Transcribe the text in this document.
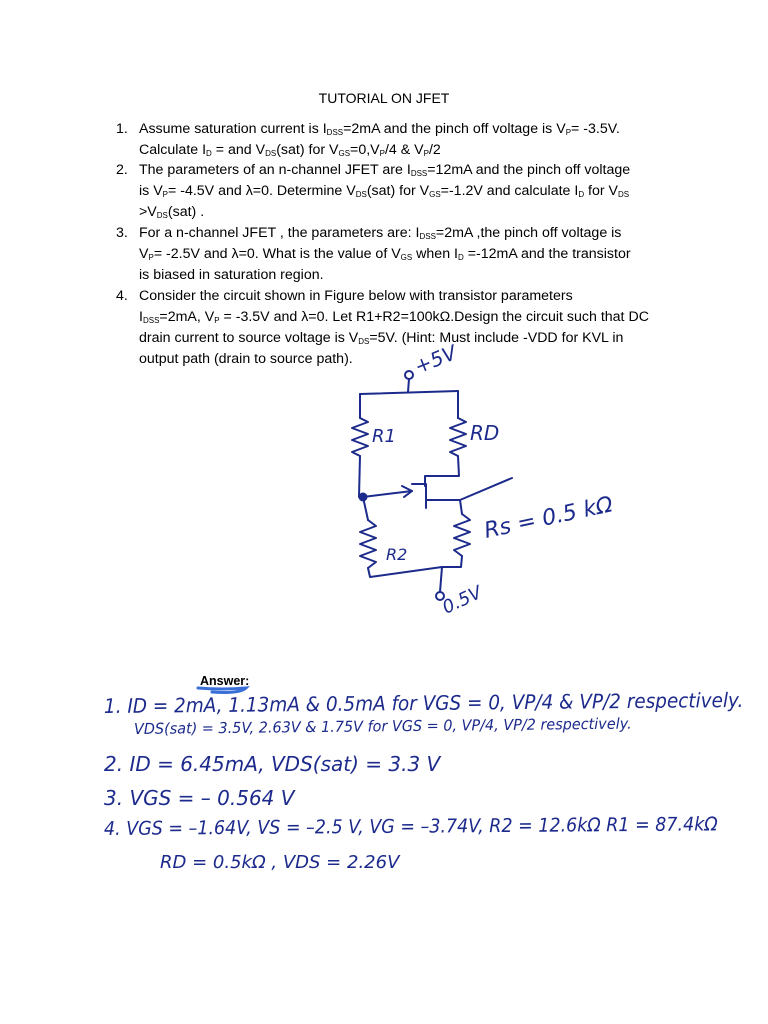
TUTORIAL ON JFET
1. Assume saturation current is $I_{DSS}=2mA$ and the pinch off voltage is $V_P= -3.5V$.
Calculate $I_D$ = and $V_{DS}(sat)$ for $V_{GS}=0,V_P/4$ & $V_P/2$
2. The parameters of an n-channel JFET are $I_{DSS}=12mA$ and the pinch off voltage
is $V_P= -4.5V$ and λ=0. Determine $V_{DS}(sat)$ for $V_{GS}=-1.2V$ and calculate $I_D$ for $V_{DS}$
$>V_{DS}(sat)$ .
3. For a n-channel JFET , the parameters are: $I_{DSS}=2mA$ ,the pinch off voltage is
$V_P= -2.5V$ and λ=0. What is the value of $V_{GS}$ when $I_D =-12mA$ and the transistor
is biased in saturation region.
4. Consider the circuit shown in Figure below with transistor parameters
$I_{DSS}=2mA$, $V_P = -3.5V$ and λ=0. Let R1+R2=100kΩ.Design the circuit such that DC
drain current to source voltage is $V_{DS}=5V$. (Hint: Must include -VDD for KVL in
output path (drain to source path).	+5V
R1	RD
R2
Rs = 0.5 kΩ
0.5V
Answer:
1. ID = 2mA, 1.13mA & 0.5mA for VGS = 0, VP/4 & VP/2 respectively.
VDS(sat) = 3.5V, 2.63V & 1.75V for VGS = 0, VP/4, VP/2 respectively.
2. ID = 6.45mA, VDS(sat) = 3.3 V
3. VGS = – 0.564 V
4. VGS = –1.64V, VS = –2.5 V, VG = –3.74V, R2 = 12.6kΩ R1 = 87.4kΩ
RD = 0.5kΩ , VDS = 2.26V
